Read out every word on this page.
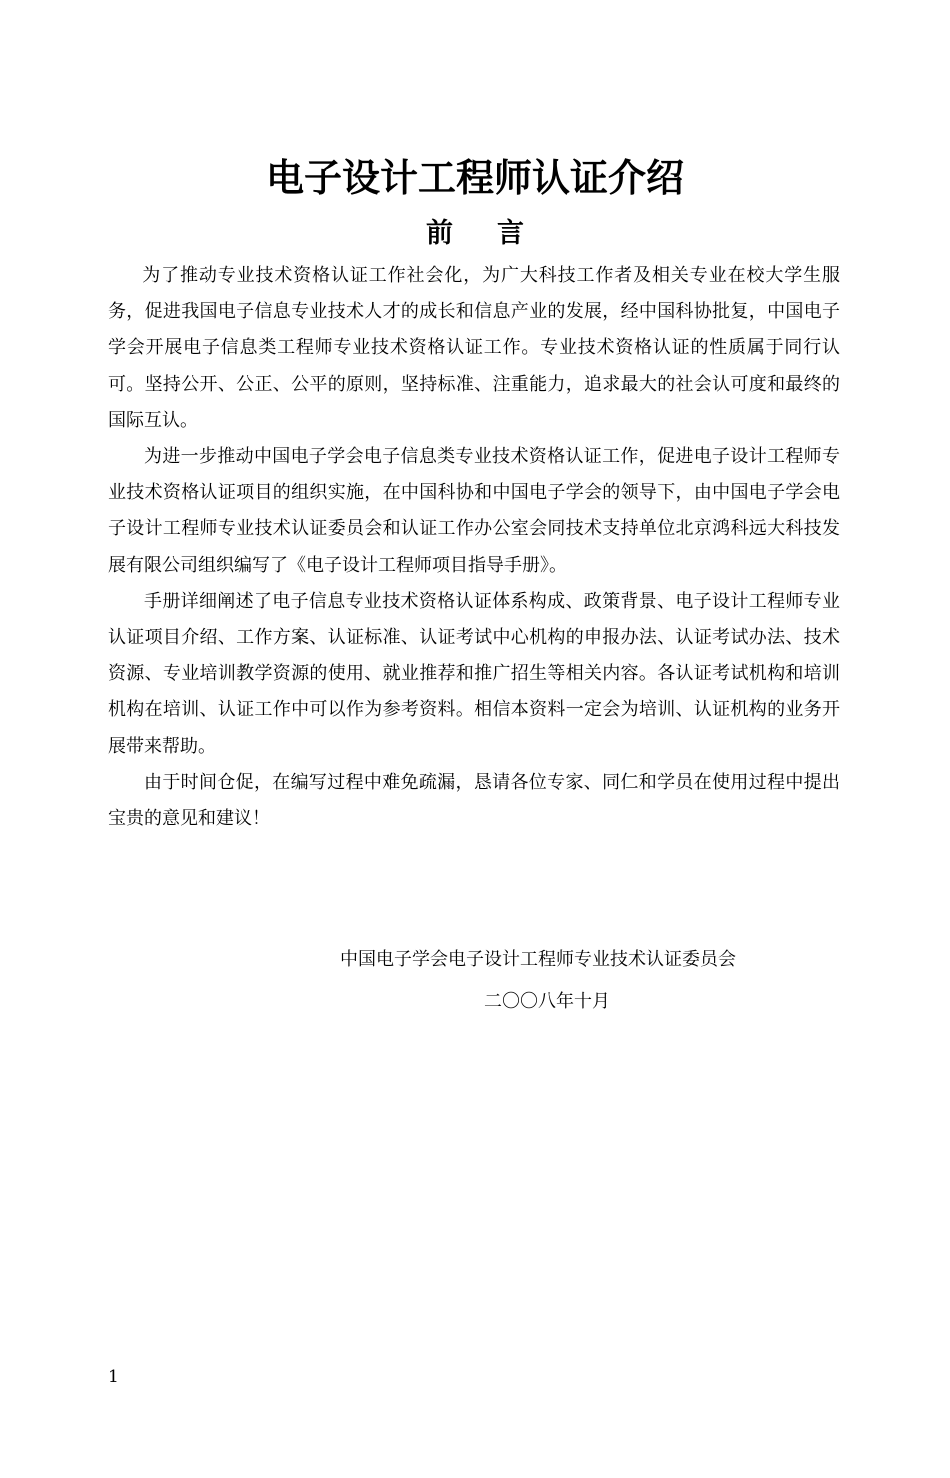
电子设计工程师认证介绍
前言

为了推动专业技术资格认证工作社会化，为广大科技工作者及相关专业在校大学生服务，促进我国电子信息专业技术人才的成长和信息产业的发展，经中国科协批复，中国电子学会开展电子信息类工程师专业技术资格认证工作。专业技术资格认证的性质属于同行认可。坚持公开、公正、公平的原则，坚持标准、注重能力，追求最大的社会认可度和最终的国际互认。

为进一步推动中国电子学会电子信息类专业技术资格认证工作，促进电子设计工程师专业技术资格认证项目的组织实施，在中国科协和中国电子学会的领导下，由中国电子学会电子设计工程师专业技术认证委员会和认证工作办公室会同技术支持单位北京鸿科远大科技发展有限公司组织编写了《电子设计工程师项目指导手册》。

手册详细阐述了电子信息专业技术资格认证体系构成、政策背景、电子设计工程师专业认证项目介绍、工作方案、认证标准、认证考试中心机构的申报办法、认证考试办法、技术资源、专业培训教学资源的使用、就业推荐和推广招生等相关内容。各认证考试机构和培训机构在培训、认证工作中可以作为参考资料。相信本资料一定会为培训、认证机构的业务开展带来帮助。

由于时间仓促，在编写过程中难免疏漏，恳请各位专家、同仁和学员在使用过程中提出宝贵的意见和建议！

中国电子学会电子设计工程师专业技术认证委员会

二〇〇八年十月

1
